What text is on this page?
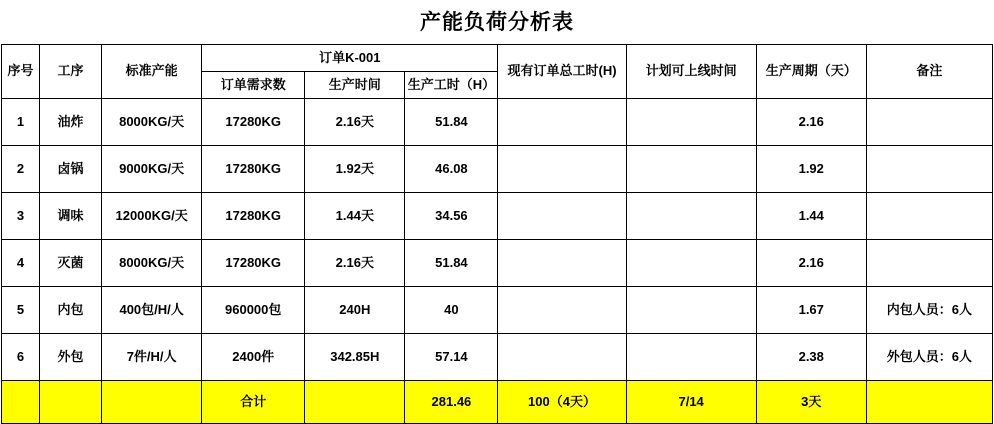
产能负荷分析表
序号	工序	标准产能	订单K-001			现有订单总工时(H)	计划可上线时间	生产周期（天）	备注
			订单需求数	生产时间	生产工时（H）				
1	油炸	8000KG/天	17280KG	2.16天	51.84			2.16	
2	卤锅	9000KG/天	17280KG	1.92天	46.08			1.92	
3	调味	12000KG/天	17280KG	1.44天	34.56			1.44	
4	灭菌	8000KG/天	17280KG	2.16天	51.84			2.16	
5	内包	400包/H/人	960000包	240H	40			1.67	内包人员：6人
6	外包	7件/H/人	2400件	342.85H	57.14			2.38	外包人员：6人
			合计		281.46	100（4天）	7/14	3天	
